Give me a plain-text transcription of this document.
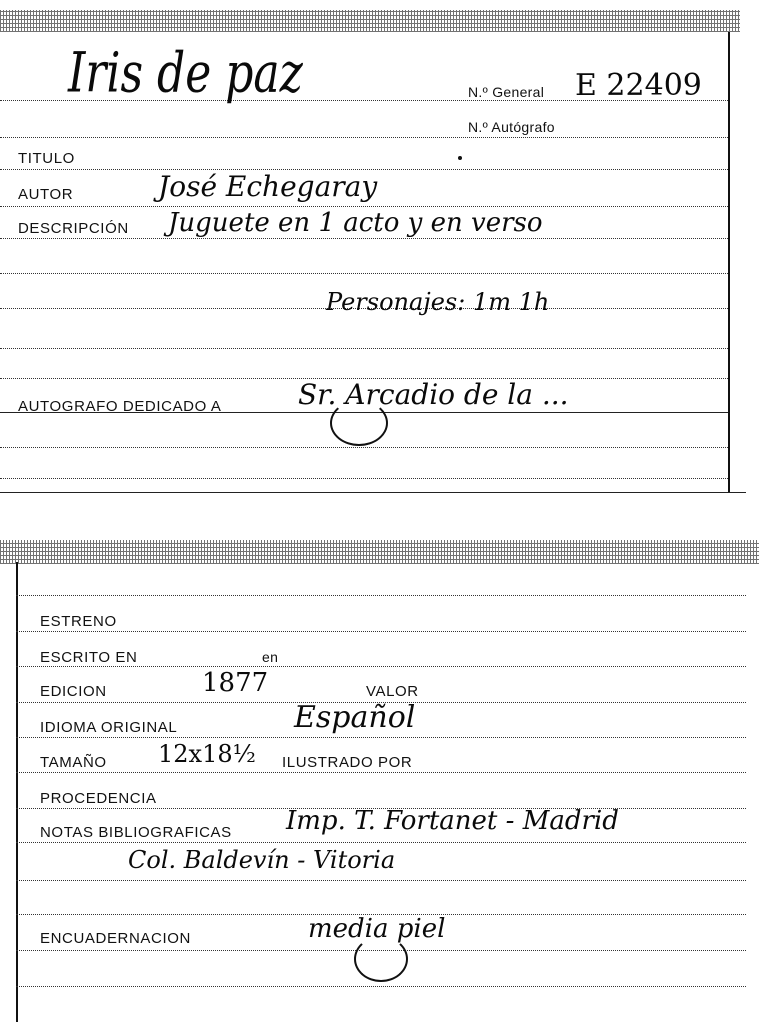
Iris de paz	N.º General E 22409
N.º Autógrafo
TITULO
AUTOR	José Echegaray
DESCRIPCIÓN Juguete en 1 acto y en verso
Personajes: 1m 1h
AUTOGRAFO DEDICADO A	Sr. Arcadio de la ...
ESTRENO
ESCRITO EN	en
EDICION	1877	VALOR
IDIOMA ORIGINAL	Español
TAMAÑO 12x18½ ILUSTRADO POR
PROCEDENCIA
NOTAS BIBLIOGRAFICAS Imp. T. Fortanet - Madrid
Col. Baldevín - Vitoria
ENCUADERNACION	media piel
